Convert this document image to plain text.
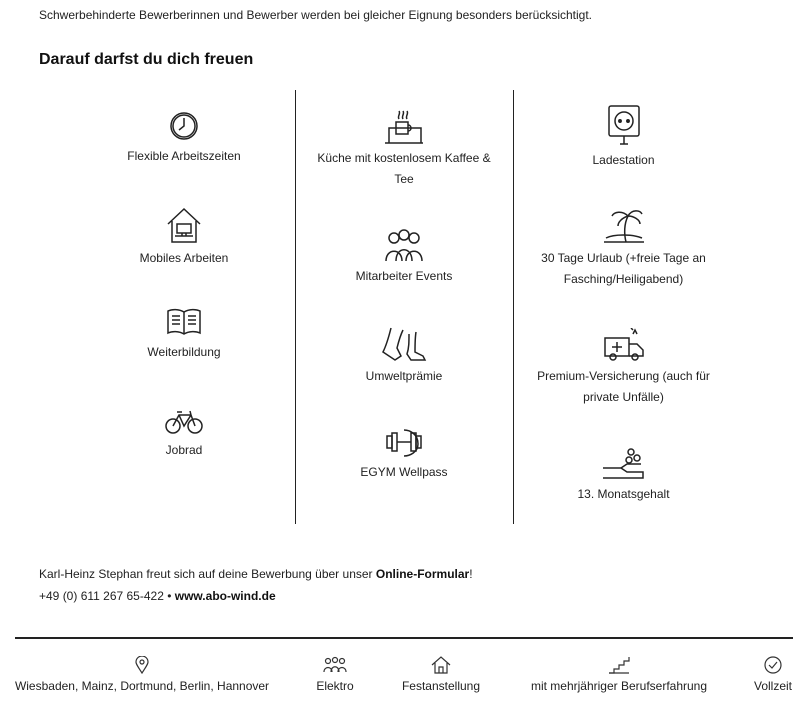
Schwerbehinderte Bewerberinnen und Bewerber werden bei gleicher Eignung besonders berücksichtigt.
Darauf darfst du dich freuen
Flexible Arbeitszeiten
Mobiles Arbeiten
Weiterbildung
Jobrad
Küche mit kostenlosem Kaffee & Tee
Mitarbeiter Events
Umweltprämie
EGYM Wellpass
Ladestation
30 Tage Urlaub (+freie Tage an Fasching/Heiligabend)
Premium-Versicherung (auch für private Unfälle)
13. Monatsgehalt
Karl-Heinz Stephan freut sich auf deine Bewerbung über unser Online-Formular!
+49 (0) 611 267 65-422 • www.abo-wind.de
Wiesbaden, Mainz, Dortmund, Berlin, Hannover	Elektro	Festanstellung	mit mehrjähriger Berufserfahrung	Vollzeit
